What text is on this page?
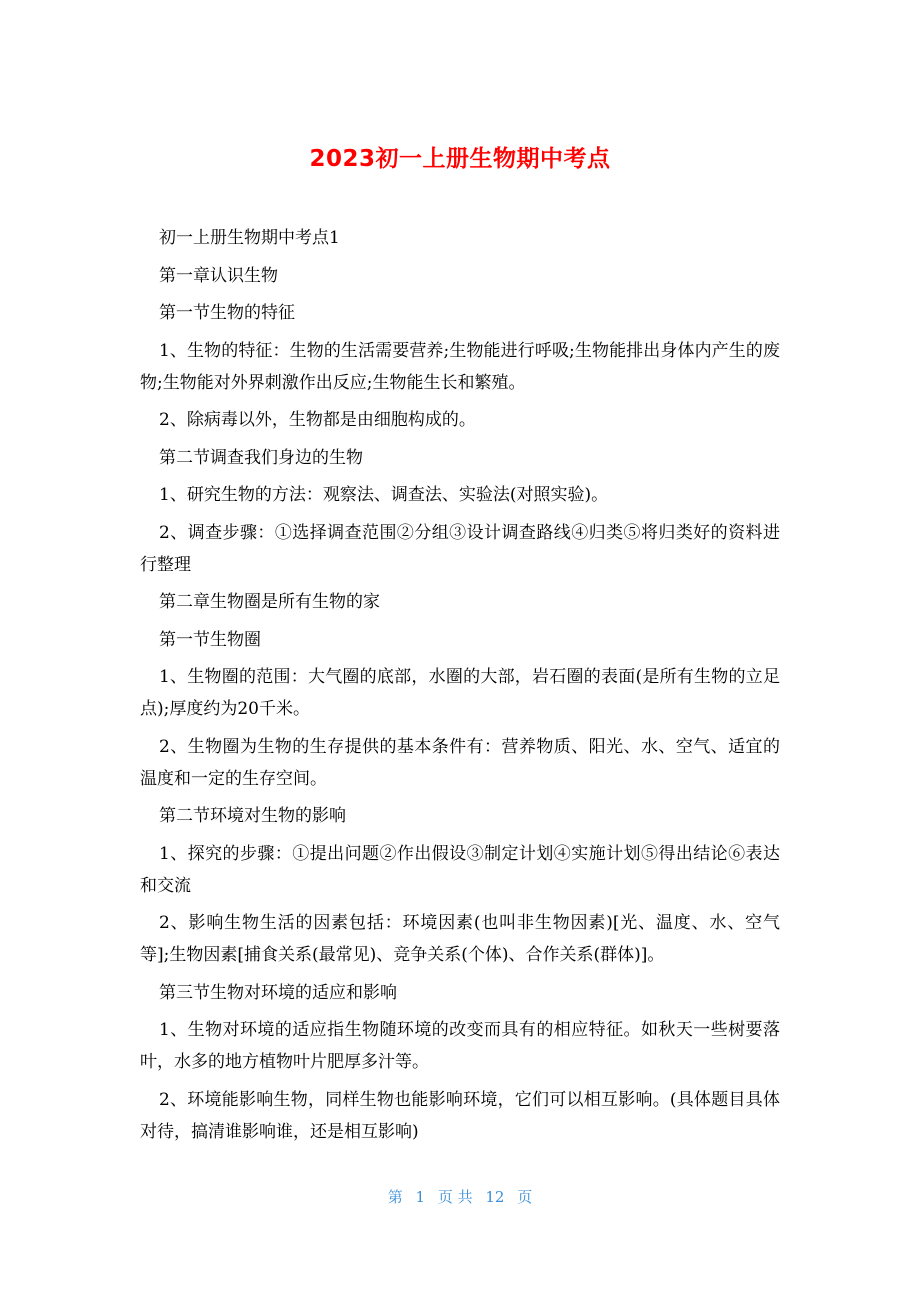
2023初一上册生物期中考点

初一上册生物期中考点1

第一章认识生物

第一节生物的特征

1、生物的特征：生物的生活需要营养;生物能进行呼吸;生物能排出身体内产生的废物;生物能对外界刺激作出反应;生物能生长和繁殖。

2、除病毒以外，生物都是由细胞构成的。

第二节调查我们身边的生物

1、研究生物的方法：观察法、调查法、实验法(对照实验)。

2、调查步骤：①选择调查范围②分组③设计调查路线④归类⑤将归类好的资料进行整理

第二章生物圈是所有生物的家

第一节生物圈

1、生物圈的范围：大气圈的底部，水圈的大部，岩石圈的表面(是所有生物的立足点);厚度约为20千米。

2、生物圈为生物的生存提供的基本条件有：营养物质、阳光、水、空气、适宜的温度和一定的生存空间。

第二节环境对生物的影响

1、探究的步骤：①提出问题②作出假设③制定计划④实施计划⑤得出结论⑥表达和交流

2、影响生物生活的因素包括：环境因素(也叫非生物因素)[光、温度、水、空气等];生物因素[捕食关系(最常见)、竞争关系(个体)、合作关系(群体)]。

第三节生物对环境的适应和影响

1、生物对环境的适应指生物随环境的改变而具有的相应特征。如秋天一些树要落叶，水多的地方植物叶片肥厚多汁等。

2、环境能影响生物，同样生物也能影响环境，它们可以相互影响。(具体题目具体对待，搞清谁影响谁，还是相互影响)

第 1 页 共 12 页
